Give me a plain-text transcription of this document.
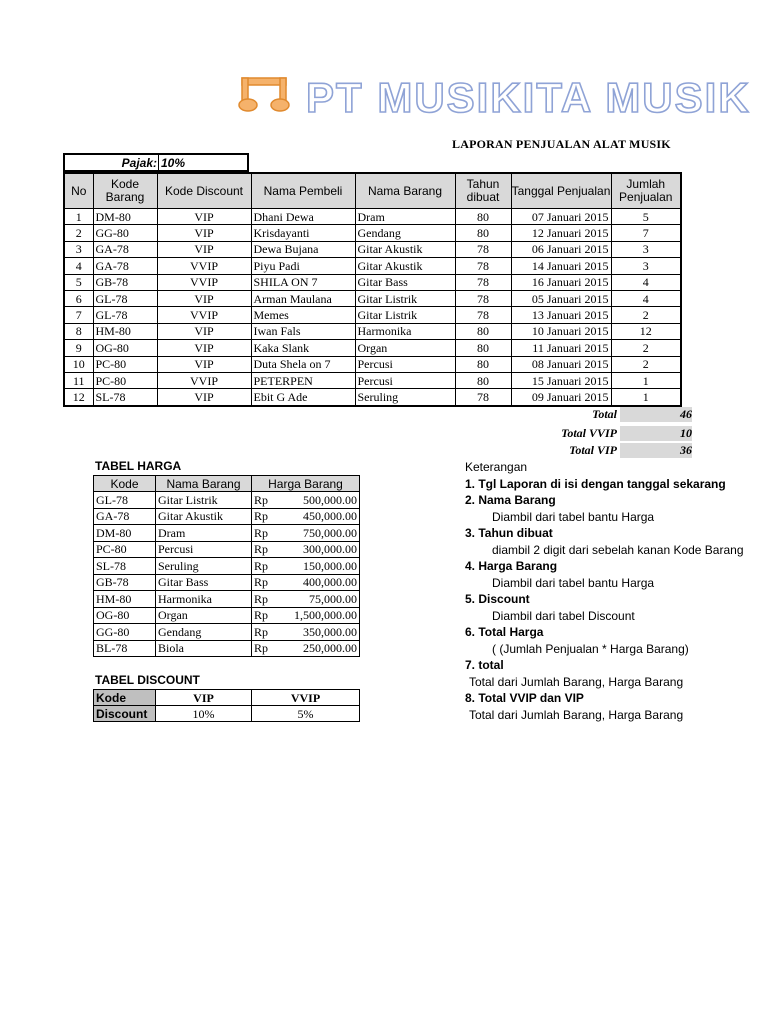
PT MUSIKITA MUSIK
LAPORAN PENJUALAN ALAT MUSIK
Pajak: 10%
No	Kode Barang	Kode Discount	Nama Pembeli	Nama Barang	Tahun dibuat	Tanggal Penjualan	Jumlah Penjualan
1	DM-80	VIP	Dhani Dewa	Dram	80	07 Januari 2015	5
2	GG-80	VIP	Krisdayanti	Gendang	80	12 Januari 2015	7
3	GA-78	VIP	Dewa Bujana	Gitar Akustik	78	06 Januari 2015	3
4	GA-78	VVIP	Piyu Padi	Gitar Akustik	78	14 Januari 2015	3
5	GB-78	VVIP	SHILA ON 7	Gitar Bass	78	16 Januari 2015	4
6	GL-78	VIP	Arman Maulana	Gitar Listrik	78	05 Januari 2015	4
7	GL-78	VVIP	Memes	Gitar Listrik	78	13 Januari 2015	2
8	HM-80	VIP	Iwan Fals	Harmonika	80	10 Januari 2015	12
9	OG-80	VIP	Kaka Slank	Organ	80	11 Januari 2015	2
10	PC-80	VIP	Duta Shela on 7	Percusi	80	08 Januari 2015	2
11	PC-80	VVIP	PETERPEN	Percusi	80	15 Januari 2015	1
12	SL-78	VIP	Ebit G Ade	Seruling	78	09 Januari 2015	1
Total	46
Total VVIP	10
Total VIP	36
TABEL HARGA
Kode	Nama Barang	Harga Barang	
GL-78	Gitar Listrik	Rp	500,000.00
GA-78	Gitar Akustik	Rp	450,000.00
DM-80	Dram	Rp	750,000.00
PC-80	Percusi	Rp	300,000.00
SL-78	Seruling	Rp	150,000.00
GB-78	Gitar Bass	Rp	400,000.00
HM-80	Harmonika	Rp	75,000.00
OG-80	Organ	Rp	1,500,000.00
GG-80	Gendang	Rp	350,000.00
BL-78	Biola	Rp	250,000.00
TABEL DISCOUNT
Kode	VIP	VVIP
Discount	10%	5%
Keterangan
1. Tgl Laporan di isi dengan tanggal sekarang
2. Nama Barang
Diambil dari tabel bantu Harga
3. Tahun dibuat
diambil 2 digit dari sebelah kanan Kode Barang
4. Harga Barang
Diambil dari tabel bantu Harga
5. Discount
Diambil dari tabel Discount
6. Total Harga
( (Jumlah Penjualan * Harga Barang)
7. total
Total dari Jumlah Barang, Harga Barang
8. Total VVIP dan VIP
Total dari Jumlah Barang, Harga Barang
